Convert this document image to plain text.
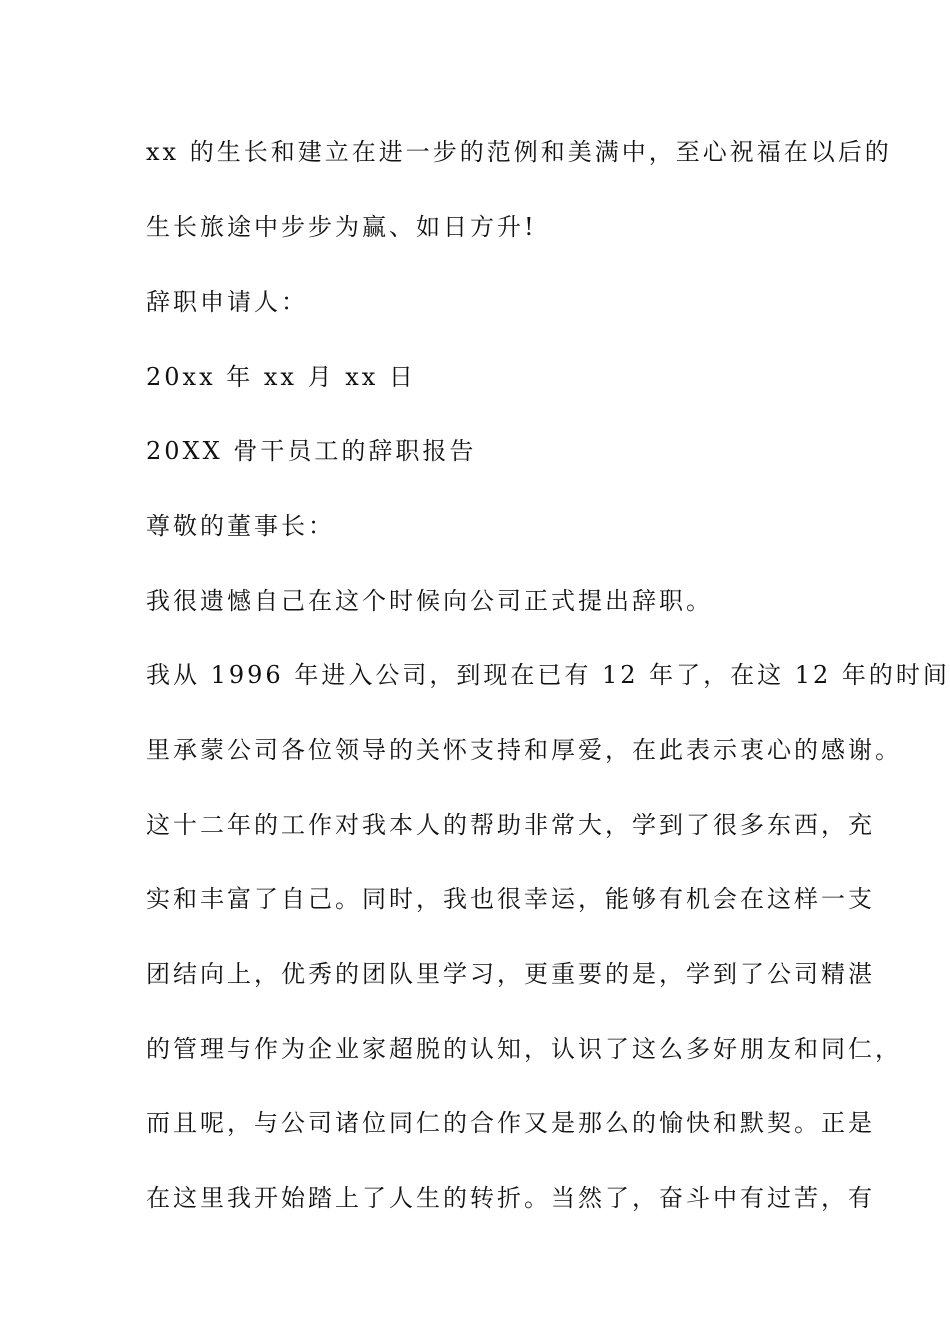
xx 的生长和建立在进一步的范例和美满中，至心祝福在以后的
生长旅途中步步为赢、如日方升!
辞职申请人：
20xx 年 xx 月 xx 日
20XX 骨干员工的辞职报告
尊敬的董事长：
我很遗憾自己在这个时候向公司正式提出辞职。
我从 1996 年进入公司，到现在已有 12 年了，在这 12 年的时间
里承蒙公司各位领导的关怀支持和厚爱，在此表示衷心的感谢。
这十二年的工作对我本人的帮助非常大，学到了很多东西，充
实和丰富了自己。同时，我也很幸运，能够有机会在这样一支
团结向上，优秀的团队里学习，更重要的是，学到了公司精湛
的管理与作为企业家超脱的认知，认识了这么多好朋友和同仁，
而且呢，与公司诸位同仁的合作又是那么的愉快和默契。正是
在这里我开始踏上了人生的转折。当然了，奋斗中有过苦，有
